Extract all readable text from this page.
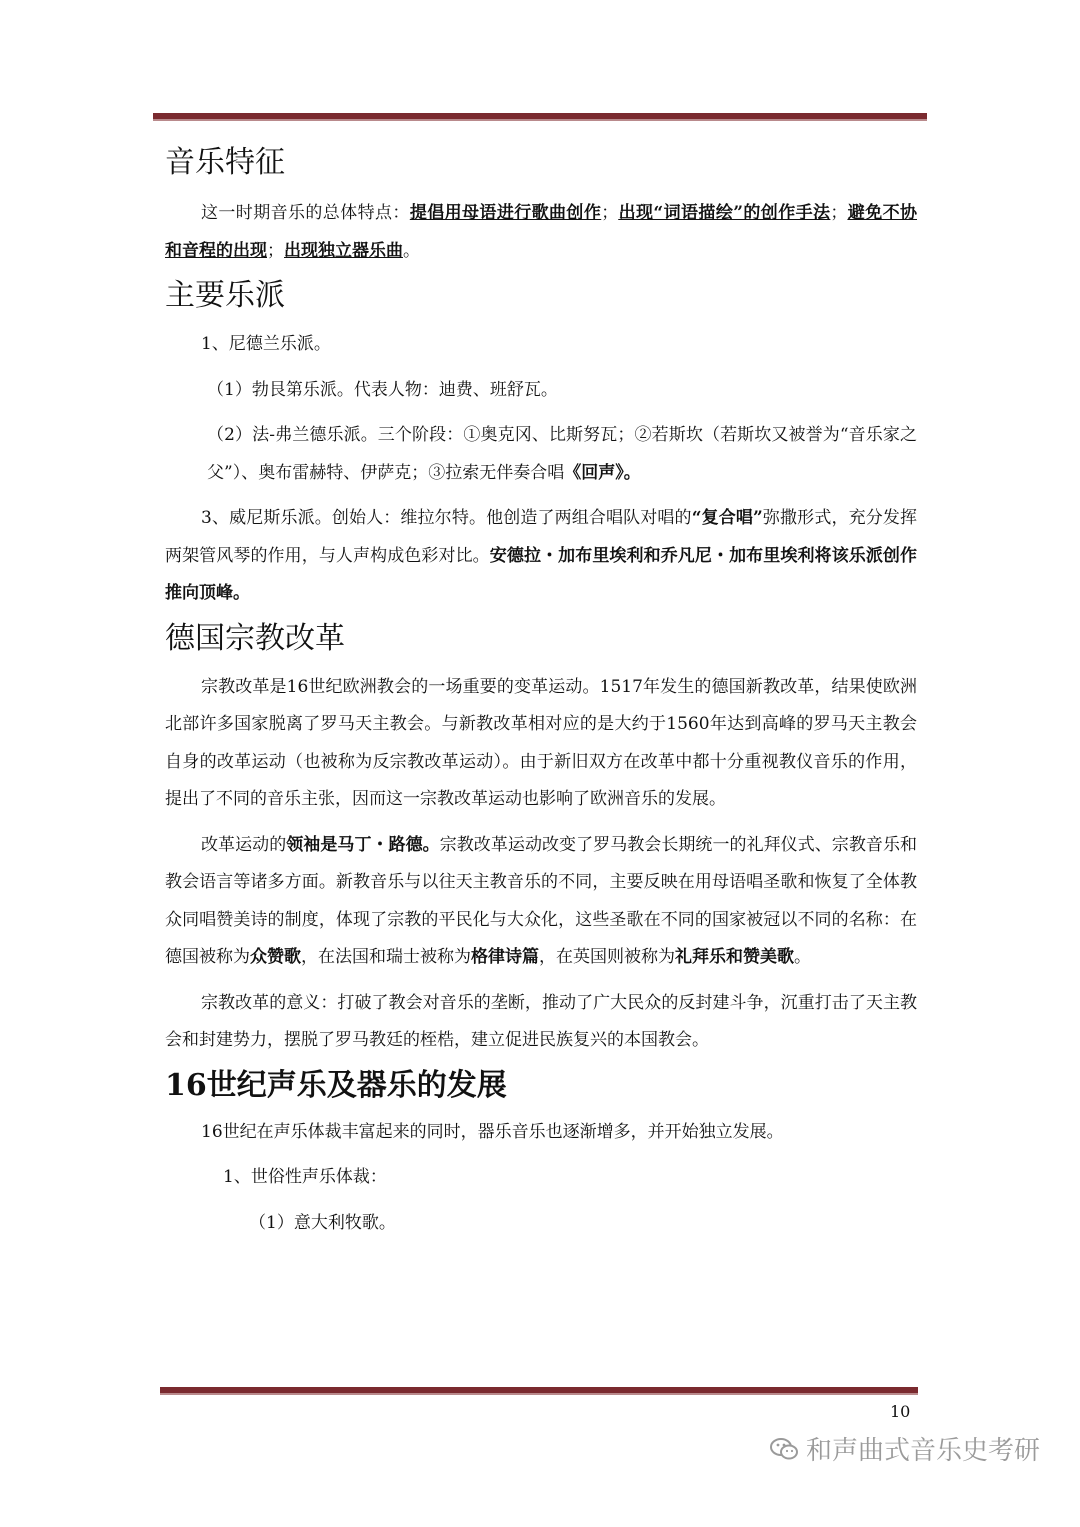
音乐特征

这一时期音乐的总体特点：提倡用母语进行歌曲创作；出现“词语描绘”的创作手法；避免不协和音程的出现；出现独立器乐曲。

主要乐派

1、尼德兰乐派。

（1）勃艮第乐派。代表人物：迪费、班舒瓦。

（2）法-弗兰德乐派。三个阶段：①奥克冈、比斯努瓦；②若斯坎（若斯坎又被誉为“音乐家之父”）、奥布雷赫特、伊萨克；③拉索无伴奏合唱《回声》。

3、威尼斯乐派。创始人：维拉尔特。他创造了两组合唱队对唱的“复合唱”弥撒形式，充分发挥两架管风琴的作用，与人声构成色彩对比。安德拉・加布里埃利和乔凡尼・加布里埃利将该乐派创作推向顶峰。

德国宗教改革

宗教改革是16世纪欧洲教会的一场重要的变革运动。1517年发生的德国新教改革，结果使欧洲北部许多国家脱离了罗马天主教会。与新教改革相对应的是大约于1560年达到高峰的罗马天主教会自身的改革运动（也被称为反宗教改革运动）。由于新旧双方在改革中都十分重视教仪音乐的作用，提出了不同的音乐主张，因而这一宗教改革运动也影响了欧洲音乐的发展。

改革运动的领袖是马丁・路德。宗教改革运动改变了罗马教会长期统一的礼拜仪式、宗教音乐和教会语言等诸多方面。新教音乐与以往天主教音乐的不同，主要反映在用母语唱圣歌和恢复了全体教众同唱赞美诗的制度，体现了宗教的平民化与大众化，这些圣歌在不同的国家被冠以不同的名称：在德国被称为众赞歌，在法国和瑞士被称为格律诗篇，在英国则被称为礼拜乐和赞美歌。

宗教改革的意义：打破了教会对音乐的垄断，推动了广大民众的反封建斗争，沉重打击了天主教会和封建势力，摆脱了罗马教廷的桎梏，建立促进民族复兴的本国教会。

16世纪声乐及器乐的发展

16世纪在声乐体裁丰富起来的同时，器乐音乐也逐渐增多，并开始独立发展。

1、世俗性声乐体裁：

（1）意大利牧歌。

10
和声曲式音乐史考研
